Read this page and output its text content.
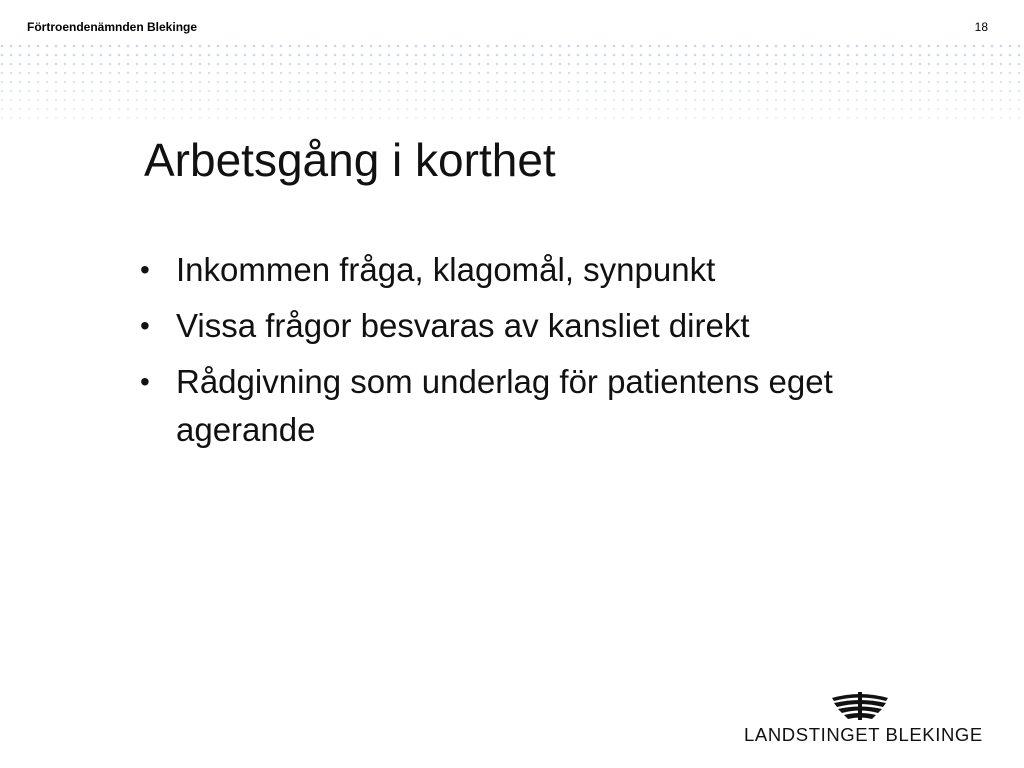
Förtroendenämnden Blekinge	18
Arbetsgång i korthet
• Inkommen fråga, klagomål, synpunkt
• Vissa frågor besvaras av kansliet direkt
• Rådgivning som underlag för patientens eget agerande
LANDSTINGET BLEKINGE
